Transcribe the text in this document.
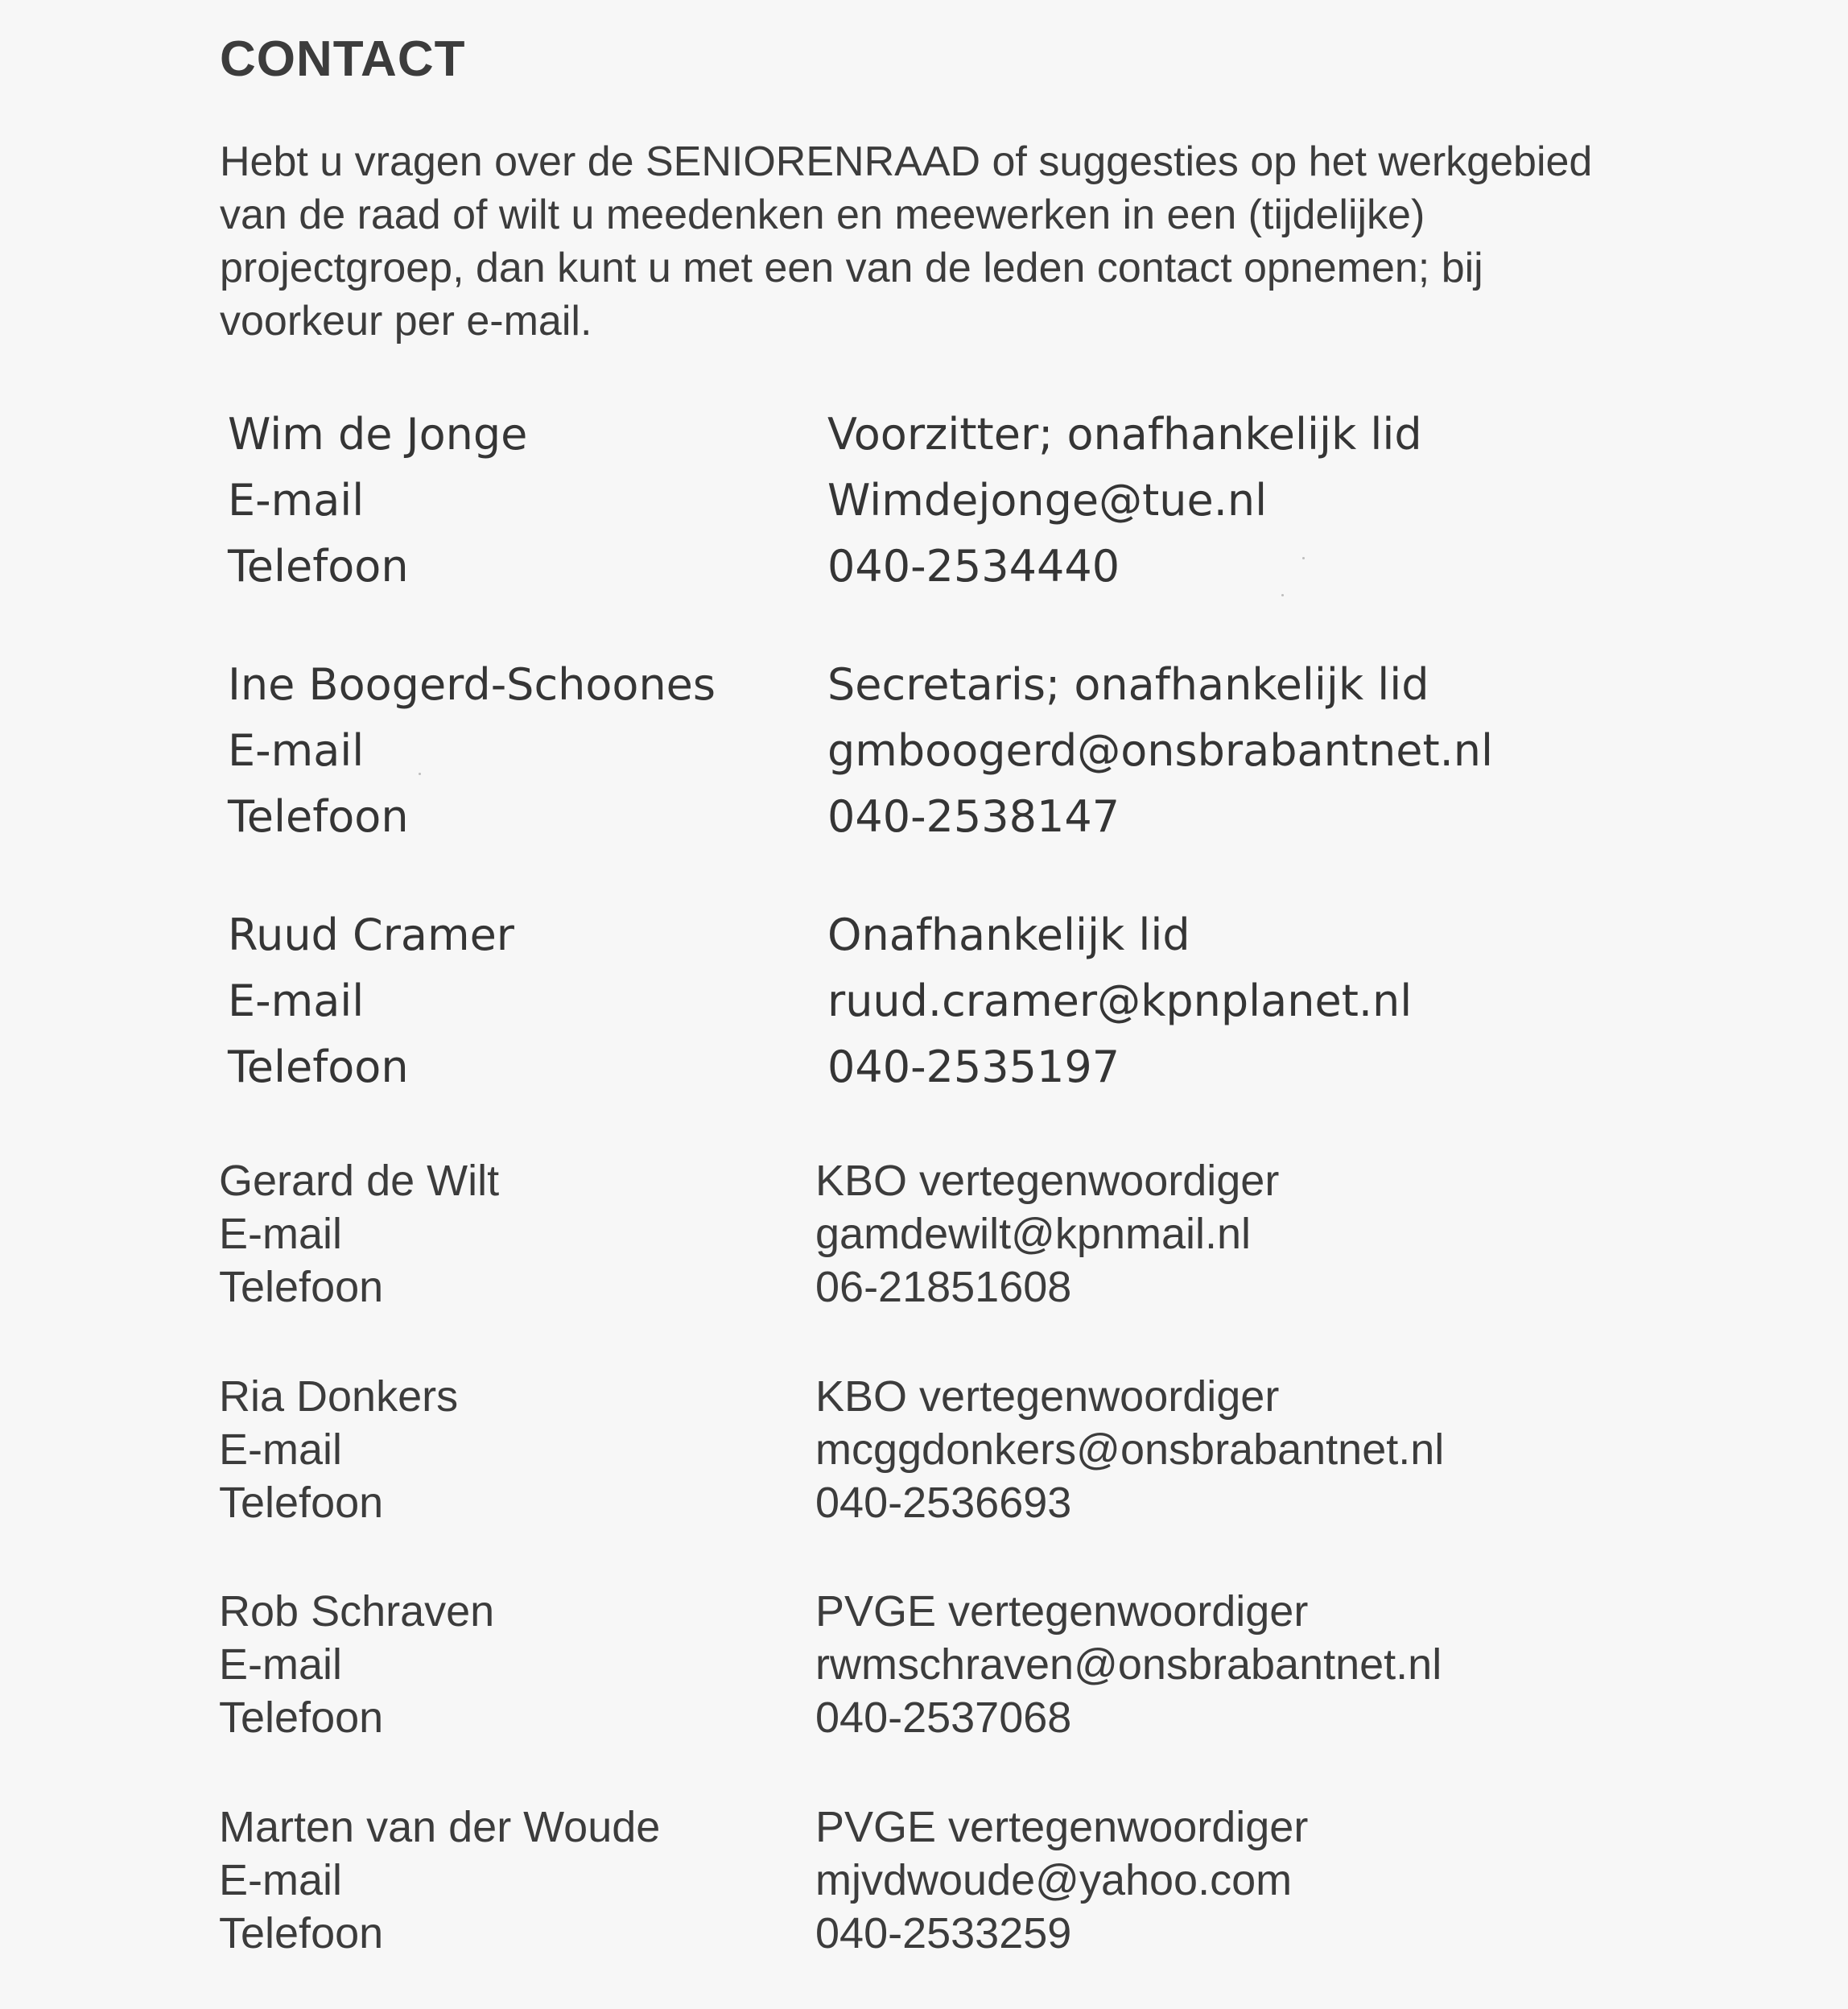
CONTACT
Hebt u vragen over de SENIORENRAAD of suggesties op het werkgebied
van de raad of wilt u meedenken en meewerken in een (tijdelijke)
projectgroep, dan kunt u met een van de leden contact opnemen; bij
voorkeur per e-mail.
Wim de Jonge	Voorzitter; onafhankelijk lid
E-mail	Wimdejonge@tue.nl
Telefoon	040-2534440
Ine Boogerd-Schoones	Secretaris; onafhankelijk lid
E-mail	gmboogerd@onsbrabantnet.nl
Telefoon	040-2538147
Ruud Cramer	Onafhankelijk lid
E-mail	ruud.cramer@kpnplanet.nl
Telefoon	040-2535197
Gerard de Wilt	KBO vertegenwoordiger
E-mail	gamdewilt@kpnmail.nl
Telefoon	06-21851608
Ria Donkers	KBO vertegenwoordiger
E-mail	mcggdonkers@onsbrabantnet.nl
Telefoon	040-2536693
Rob Schraven	PVGE vertegenwoordiger
E-mail	rwmschraven@onsbrabantnet.nl
Telefoon	040-2537068
Marten van der Woude	PVGE vertegenwoordiger
E-mail	mjvdwoude@yahoo.com
Telefoon	040-2533259
